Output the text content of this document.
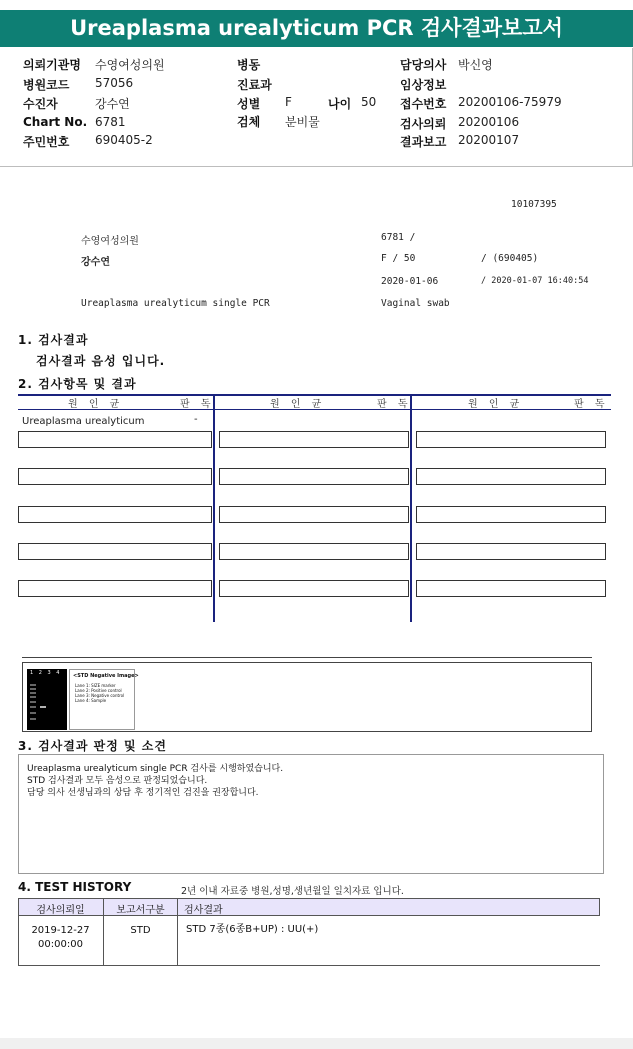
Ureaplasma urealyticum PCR 검사결과보고서
의뢰기관명 수영여성의원
병원코드 57056
수진자	강수연
Chart No. 6781
주민번호 690405-2
병동
진료과
성별 F	나이 50
검체 분비물
담당의사 박신영
임상정보
접수번호 20200106-75979
검사의뢰 20200106
결과보고 20200107
10107395
수영여성의원	6781 /
강수연	F / 50	/ (690405)
2020-01-06	/ 2020-01-07 16:40:54
Ureaplasma urealyticum single PCR	Vaginal swab
1. 검사결과
검사결과 음성 입니다.
2. 검사항목 및 결과
원 인 균	판 독	원 인 균	판 독	원 인 균	판 독
Ureaplasma urealyticum	-
1 2 3 4	<STD Negative Image>
Lane 1: SIZE marker
Lane 2: Positive control
Lane 3: Negative control
Lane 4: Sample
3. 검사결과 판정 및 소견
Ureaplasma urealyticum single PCR 검사를 시행하였습니다.
STD 검사결과 모두 음성으로 판정되었습니다.
담당 의사 선생님과의 상담 후 정기적인 검진을 권장합니다.
4. TEST HISTORY	2년 이내 자료중 병원,성명,생년월일 일치자료 입니다.
검사의뢰일	보고서구분	검사결과
2019-12-27
00:00:00
STD	STD 7종(6종B+UP) : UU(+)
